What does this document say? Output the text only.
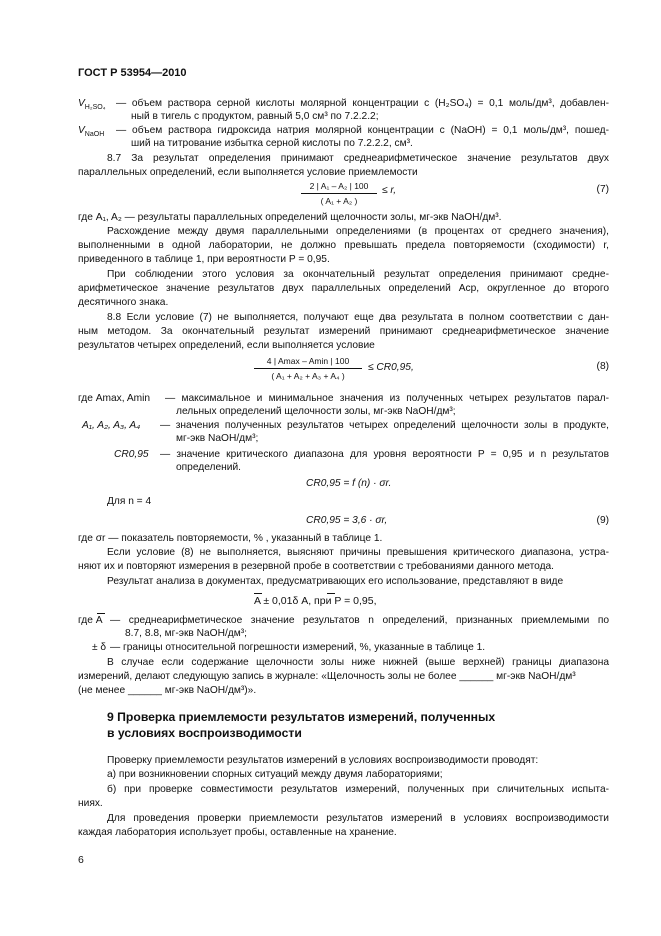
ГОСТ Р 53954—2010
$V_{H_2SO_4}$ — объем раствора серной кислоты молярной концентрации с (H₂SO₄) = 0,1 моль/дм³, добавлен-
ный в тигель с продуктом, равный 5,0 см³ по 7.2.2.2;
$V_{NaOH}$ — объем раствора гидроксида натрия молярной концентрации с (NaOH) = 0,1 моль/дм³, пошед-
ший на титрование избытка серной кислоты по 7.2.2.2, см³.
8.7 За результат определения принимают среднеарифметическое значение результатов двух
параллельных определений, если выполняется условие приемлемости
$\frac{\text{2 | A₁ – A₂ | 100}}{\text{( A₁ + A₂ )}} \le r$,	(7)
где A₁, A₂ — результаты параллельных определений щелочности золы, мг-экв NaOH/дм³.
Расхождение между двумя параллельными определениями (в процентах от среднего значения),
выполненными в одной лаборатории, не должно превышать предела повторяемости (сходимости) r,
приведенного в таблице 1, при вероятности P = 0,95.
При соблюдении этого условия за окончательный результат определения принимают средне-
арифметическое значение результатов двух параллельных определений Aср, округленное до второго
десятичного знака.
8.8 Если условие (7) не выполняется, получают еще два результата в полном соответствии с дан-
ным методом. За окончательный результат измерений принимают среднеарифметическое значение
результатов четырех определений, если выполняется условие
4 | Amax – Amin | 100
( A₁ + A₂ + A₃ + A₄ )
≤ CR0,95,	(8)
где Amax, Amin — максимальное и минимальное значения из полученных четырех результатов парал-
лельных определений щелочности золы, мг-экв NaOH/дм³;
A₁, A₂, A₃, A₄ — значения полученных результатов четырех определений щелочности золы в продукте,
мг-экв NaOH/дм³;
CR0,95 — значение критического диапазона для уровня вероятности P = 0,95 и n результатов
определений.
CR0,95 = f (n) · σr.
Для n = 4
CR0,95 = 3,6 · σr,	(9)
где σr — показатель повторяемости, % , указанный в таблице 1.
Если условие (8) не выполняется, выясняют причины превышения критического диапазона, устра-
няют их и повторяют измерения в резервной пробе в соответствии с требованиями данного метода.
Результат анализа в документах, предусматривающих его использование, представляют в виде
A ± 0,01δ A, при P = 0,95,
где A — среднеарифметическое значение результатов n определений, признанных приемлемыми по
8.7, 8.8, мг-экв NaOH/дм³;
± δ — границы относительной погрешности измерений, %, указанные в таблице 1.
В случае если содержание щелочности золы ниже нижней (выше верхней) границы диапазона
измерений, делают следующую запись в журнале: «Щелочность золы не более ______ мг-экв NaOH/дм³
(не менее ______ мг-экв NaOH/дм³)».
9 Проверка приемлемости результатов измерений, полученных
в условиях воспроизводимости
Проверку приемлемости результатов измерений в условиях воспроизводимости проводят:
а) при возникновении спорных ситуаций между двумя лабораториями;
б) при проверке совместимости результатов измерений, полученных при сличительных испыта-
ниях.
Для проведения проверки приемлемости результатов измерений в условиях воспроизводимости
каждая лаборатория использует пробы, оставленные на хранение.
6
